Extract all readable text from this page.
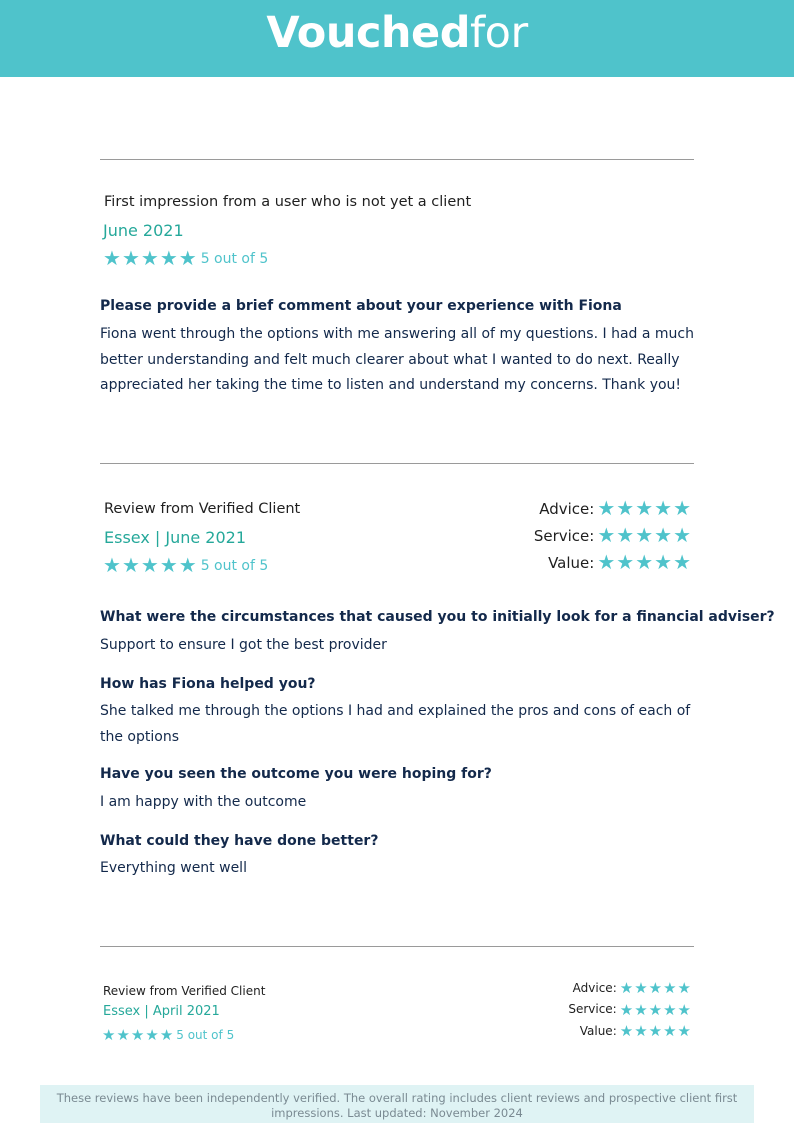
Vouchedfor
First impression from a user who is not yet a client
June 2021
★★★★★ 5 out of 5
Please provide a brief comment about your experience with Fiona
Fiona went through the options with me answering all of my questions. I had a much better understanding and felt much clearer about what I wanted to do next. Really appreciated her taking the time to listen and understand my concerns. Thank you!
Review from Verified Client
Essex | June 2021
★★★★★ 5 out of 5
Advice: ★★★★★
Service: ★★★★★
Value: ★★★★★
What were the circumstances that caused you to initially look for a financial adviser?
Support to ensure I got the best provider
How has Fiona helped you?
She talked me through the options I had and explained the pros and cons of each of the options
Have you seen the outcome you were hoping for?
I am happy with the outcome
What could they have done better?
Everything went well
Review from Verified Client
Essex | April 2021
★★★★★ 5 out of 5
Advice: ★★★★★
Service: ★★★★★
Value: ★★★★★
These reviews have been independently verified. The overall rating includes client reviews and prospective client first impressions. Last updated: November 2024
